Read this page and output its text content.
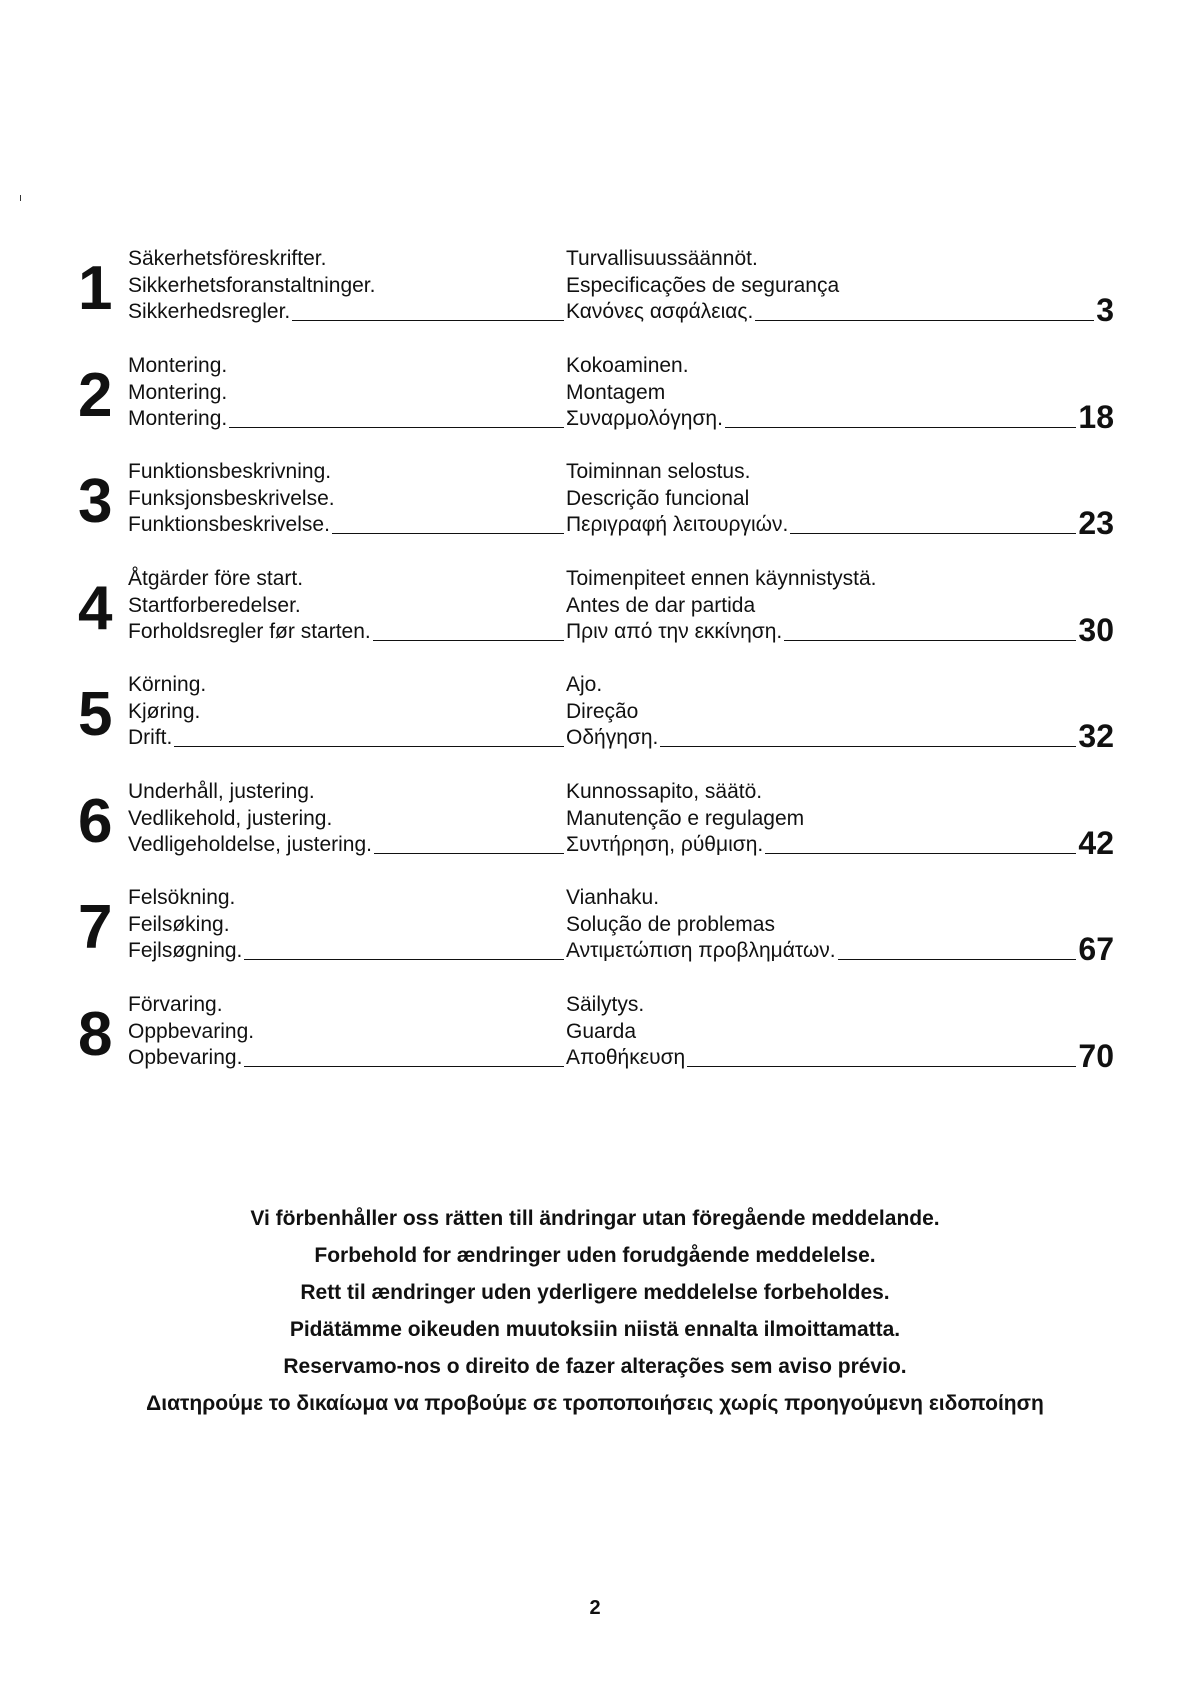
1 Säkerhetsföreskrifter.
Sikkerhetsforanstaltninger.
Sikkerhedsregler.
Turvallisuussäännöt.
Especificações de segurança
Κανόνες ασφάλειας.	3
2 Montering.
Montering.
Montering.
Kokoaminen.
Montagem
Συναρμολόγηση.	18
3 Funktionsbeskrivning.
Funksjonsbeskrivelse.
Funktionsbeskrivelse.
Toiminnan selostus.
Descrição funcional
Περιγραφή λειτουργιών.	23
4 Åtgärder före start.
Startforberedelser.
Forholdsregler før starten.
Toimenpiteet ennen käynnistystä.
Antes de dar partida
Πριν από την εκκίνηση.	30
5 Körning.
Kjøring.
Drift.
Ajo.
Direção
Οδήγηση.	32
6 Underhåll, justering.
Vedlikehold, justering.
Vedligeholdelse, justering.
Kunnossapito, säätö.
Manutenção e regulagem
Συντήρηση, ρύθμιση.	42
7 Felsökning.
Feilsøking.
Fejlsøgning.
Vianhaku.
Solução de problemas
Αντιμετώπιση προβλημάτων.	67
8 Förvaring.
Oppbevaring.
Opbevaring.
Säilytys.
Guarda
Αποθήκευση	70
Vi förbenhåller oss rätten till ändringar utan föregående meddelande.
Forbehold for ændringer uden forudgående meddelelse.
Rett til ændringer uden yderligere meddelelse forbeholdes.
Pidätämme oikeuden muutoksiin niistä ennalta ilmoittamatta.
Reservamo-nos o direito de fazer alterações sem aviso prévio.
Διατηρούμε το δικαίωμα να προβούμε σε τροποποιήσεις χωρίς προηγούμενη ειδοποίηση
2
